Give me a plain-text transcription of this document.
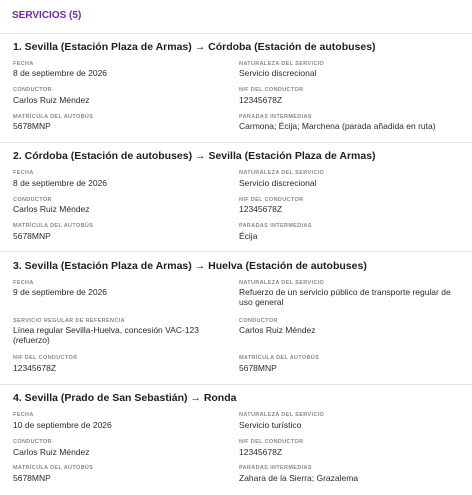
SERVICIOS (5)
1. Sevilla (Estación Plaza de Armas) → Córdoba (Estación de autobuses)
FECHA
8 de septiembre de 2026
NATURALEZA DEL SERVICIO
Servicio discrecional
CONDUCTOR
Carlos Ruiz Méndez
NIF DEL CONDUCTOR
12345678Z
MATRÍCULA DEL AUTOBÚS
5678MNP
PARADAS INTERMEDIAS
Carmona; Écija; Marchena (parada añadida en ruta)
2. Córdoba (Estación de autobuses) → Sevilla (Estación Plaza de Armas)
FECHA
8 de septiembre de 2026
NATURALEZA DEL SERVICIO
Servicio discrecional
CONDUCTOR
Carlos Ruiz Méndez
NIF DEL CONDUCTOR
12345678Z
MATRÍCULA DEL AUTOBÚS
5678MNP
PARADAS INTERMEDIAS
Écija
3. Sevilla (Estación Plaza de Armas) → Huelva (Estación de autobuses)
FECHA
9 de septiembre de 2026
NATURALEZA DEL SERVICIO
Refuerzo de un servicio público de transporte regular de uso general
SERVICIO REGULAR DE REFERENCIA
Línea regular Sevilla-Huelva, concesión VAC-123 (refuerzo)
CONDUCTOR
Carlos Ruiz Méndez
NIF DEL CONDUCTOR
12345678Z
MATRÍCULA DEL AUTOBÚS
5678MNP
4. Sevilla (Prado de San Sebastián) → Ronda
FECHA
10 de septiembre de 2026
NATURALEZA DEL SERVICIO
Servicio turístico
CONDUCTOR
Carlos Ruiz Méndez
NIF DEL CONDUCTOR
12345678Z
MATRÍCULA DEL AUTOBÚS
5678MNP
PARADAS INTERMEDIAS
Zahara de la Sierra; Grazalema
